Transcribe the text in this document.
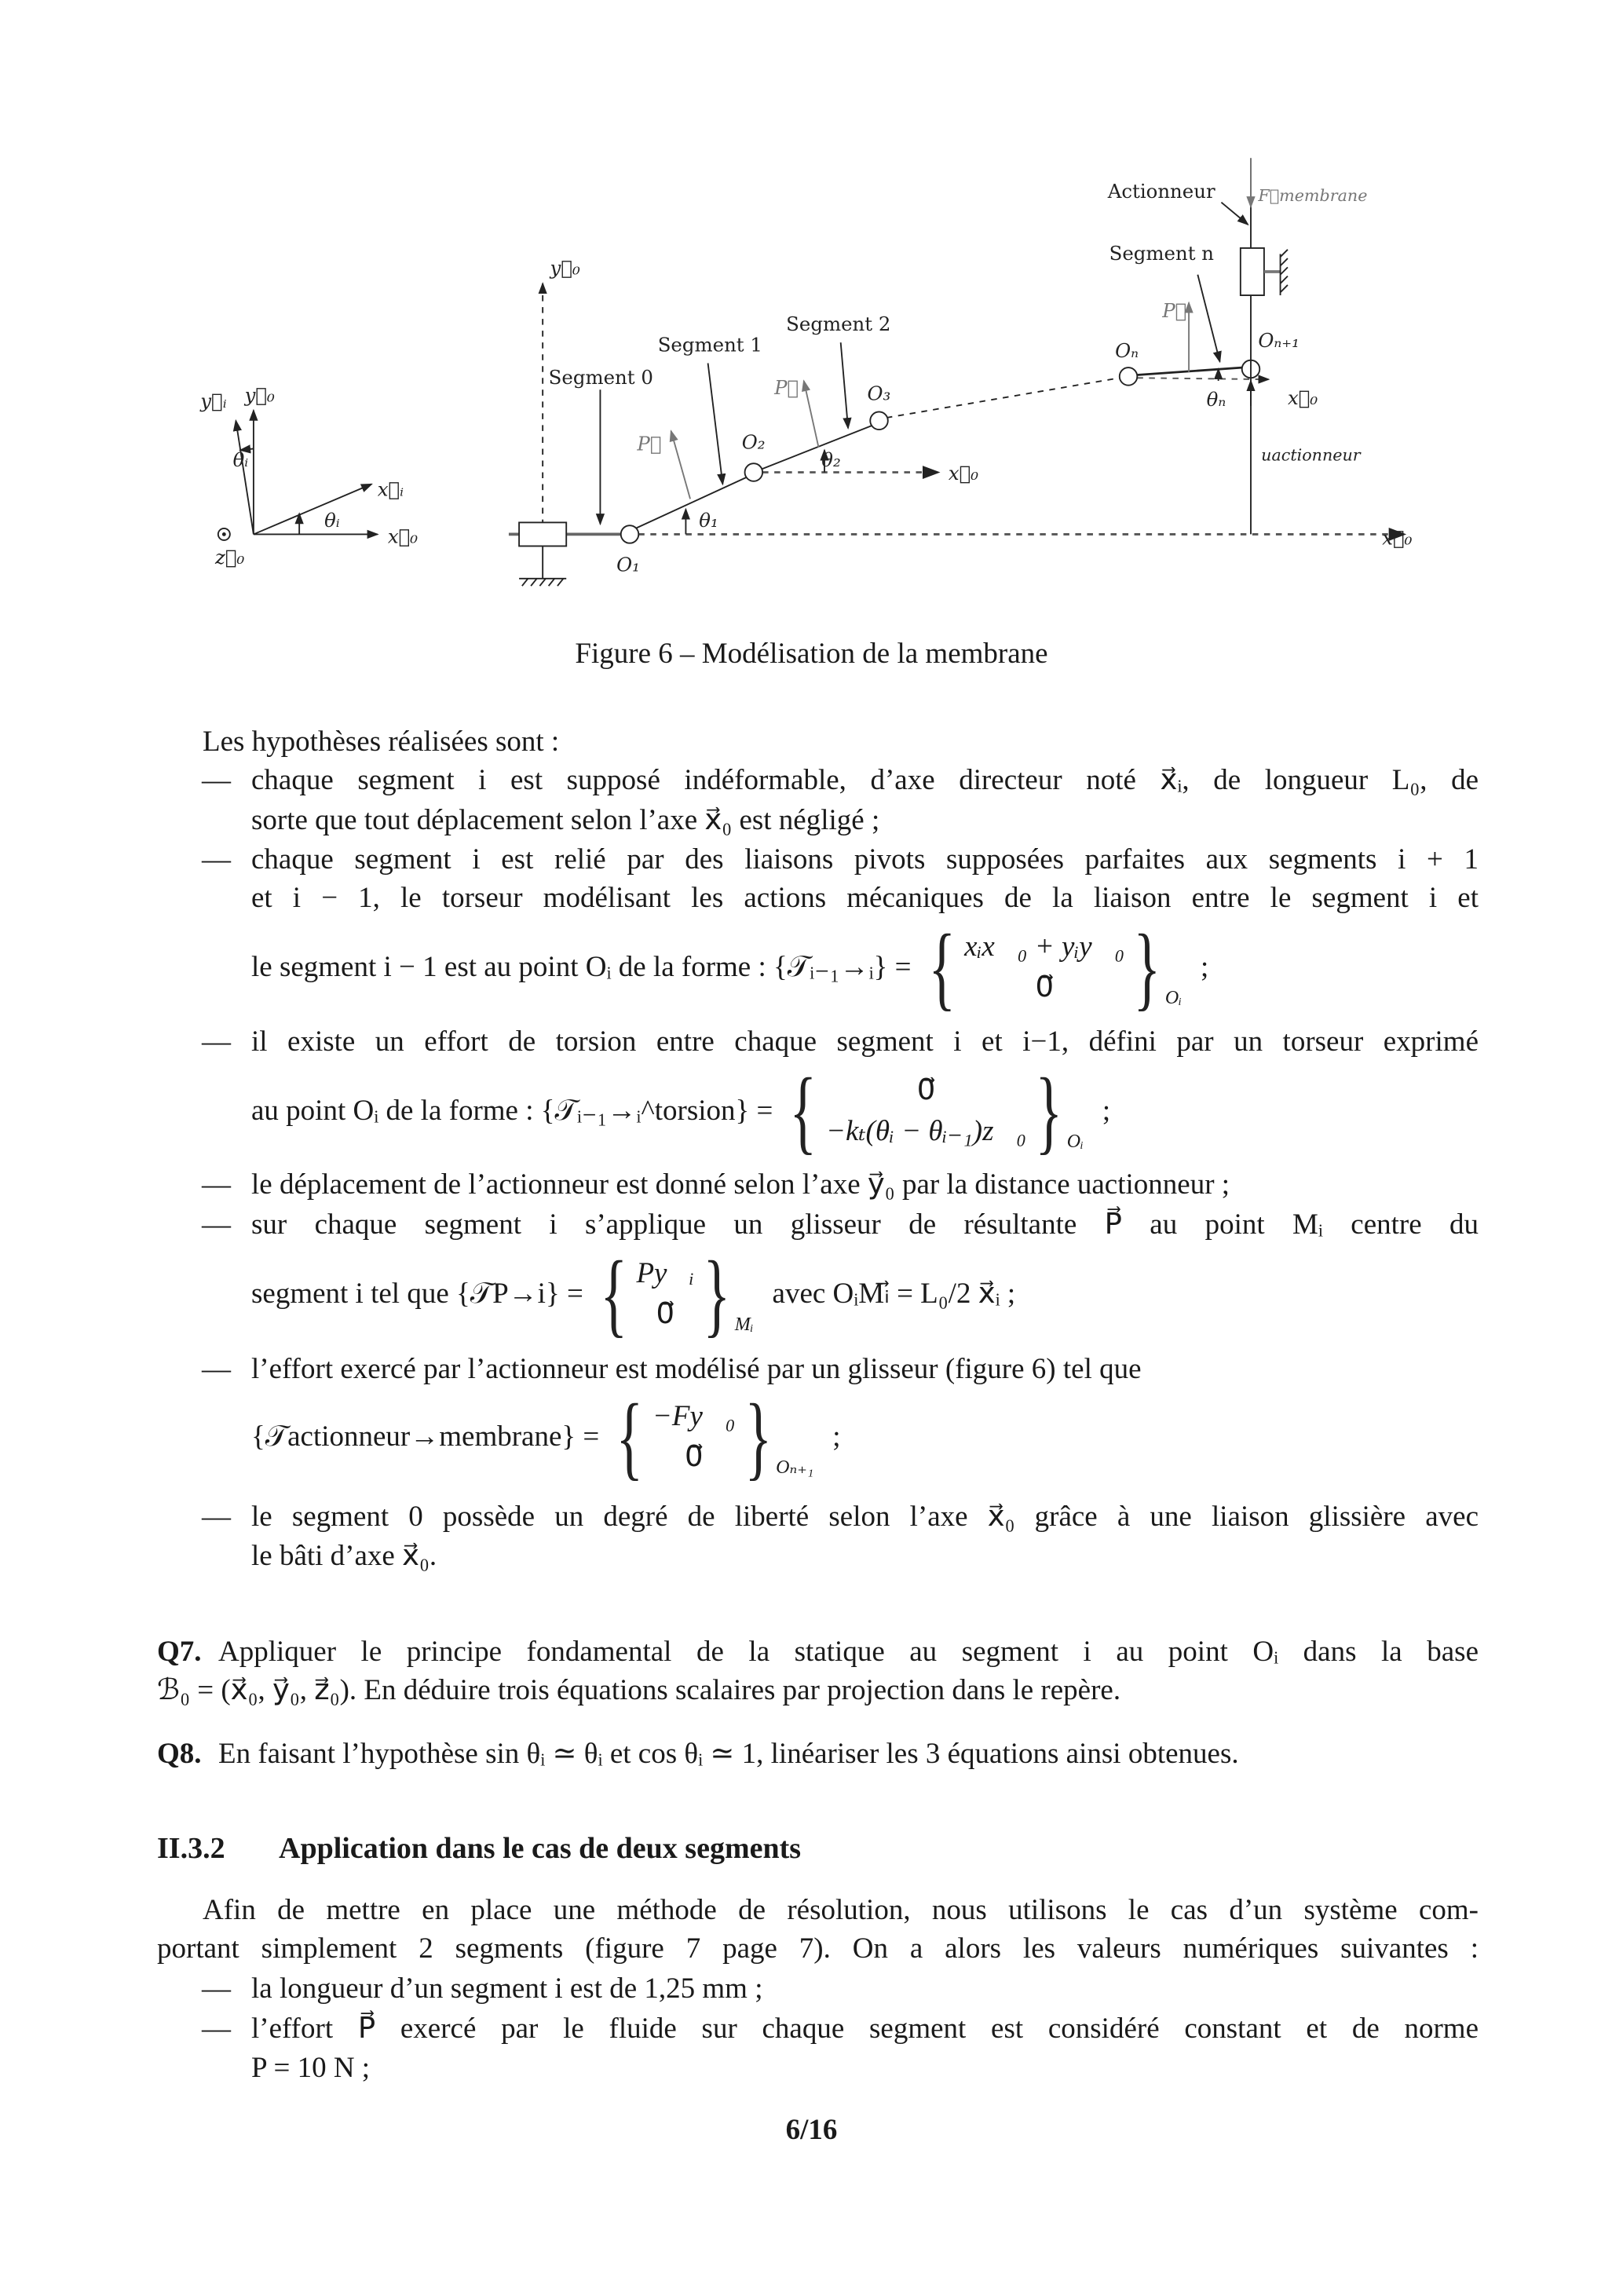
y⃗ᵢ y⃗₀
θᵢ
x⃗ᵢ
θᵢ
x⃗₀
z⃗₀
y⃗₀
O₁
θ₁
O₂
θ₂
x⃗₀
O₃
Oₙ	Oₙ₊₁
θₙ	x⃗₀
x⃗₀
uactionneur
F⃗membrane
P⃗
P⃗
P⃗
Segment 0
Segment 1
Segment 2
Segment n
Actionneur
Figure 6 – Modélisation de la membrane
Les hypothèses réalisées sont :
— chaque segment i est supposé indéformable, d’axe directeur noté x⃗ᵢ, de longueur L₀, de
sorte que tout déplacement selon l’axe x⃗₀ est négligé ;
— chaque segment i est relié par des liaisons pivots supposées parfaites aux segments i + 1
et i − 1, le torseur modélisant les actions mécaniques de la liaison entre le segment i et
le segment i − 1 est au point Oᵢ de la forme : {𝒯ᵢ₋₁→ᵢ} = { xᵢx⃗₀ + yᵢy⃗₀
0⃗ } Oᵢ
;
— il existe un effort de torsion entre chaque segment i et i−1, défini par un torseur exprimé
au point Oᵢ de la forme : {𝒯ᵢ₋₁→ᵢ^torsion} = {	0⃗
−kₜ(θᵢ − θᵢ₋₁)z⃗₀ } Oᵢ
;
— le déplacement de l’actionneur est donné selon l’axe y⃗₀ par la distance uactionneur ;
— sur chaque segment i s’applique un glisseur de résultante P⃗ au point Mᵢ centre du
segment i tel que {𝒯P→i} = { Py⃗ᵢ
0⃗ } Mᵢ
avec OᵢMᵢ⃗ = L₀/2 x⃗ᵢ ;
— l’effort exercé par l’actionneur est modélisé par un glisseur (figure 6) tel que
{𝒯actionneur→membrane} = { −Fy⃗₀
0⃗ } Oₙ₊₁
;
— le segment 0 possède un degré de liberté selon l’axe x⃗₀ grâce à une liaison glissière avec
le bâti d’axe x⃗₀.
Q7. Appliquer le principe fondamental de la statique au segment i au point Oᵢ dans la base
ℬ₀ = (x⃗₀, y⃗₀, z⃗₀). En déduire trois équations scalaires par projection dans le repère.
Q8. En faisant l’hypothèse sin θᵢ ≃ θᵢ et cos θᵢ ≃ 1, linéariser les 3 équations ainsi obtenues.
II.3.2 Application dans le cas de deux segments
Afin de mettre en place une méthode de résolution, nous utilisons le cas d’un système com-
portant simplement 2 segments (figure 7 page 7). On a alors les valeurs numériques suivantes :
— la longueur d’un segment i est de 1,25 mm ;
— l’effort P⃗ exercé par le fluide sur chaque segment est considéré constant et de norme
P = 10 N ;
6/16
